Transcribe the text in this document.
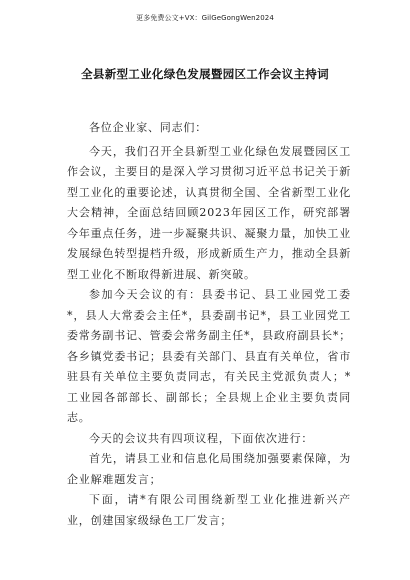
更多免费公文+VX：GilGeGongWen2024
全县新型工业化绿色发展暨园区工作会议主持词

各位企业家、同志们：

今天，我们召开全县新型工业化绿色发展暨园区工作会议，主要目的是深入学习贯彻习近平总书记关于新型工业化的重要论述，认真贯彻全国、全省新型工业化大会精神，全面总结回顾2023年园区工作，研究部署今年重点任务，进一步凝聚共识、凝聚力量，加快工业发展绿色转型提档升级，形成新质生产力，推动全县新型工业化不断取得新进展、新突破。

参加今天会议的有：县委书记、县工业园党工委*，县人大常委会主任*，县委副书记*，县工业园党工委常务副书记、管委会常务副主任*，县政府副县长*；各乡镇党委书记；县委有关部门、县直有关单位，省市驻县有关单位主要负责同志，有关民主党派负责人；*工业园各部部长、副部长；全县规上企业主要负责同志。

今天的会议共有四项议程，下面依次进行：

首先，请县工业和信息化局围绕加强要素保障，为企业解难题发言；

下面，请*有限公司围绕新型工业化推进新兴产业，创建国家级绿色工厂发言；
